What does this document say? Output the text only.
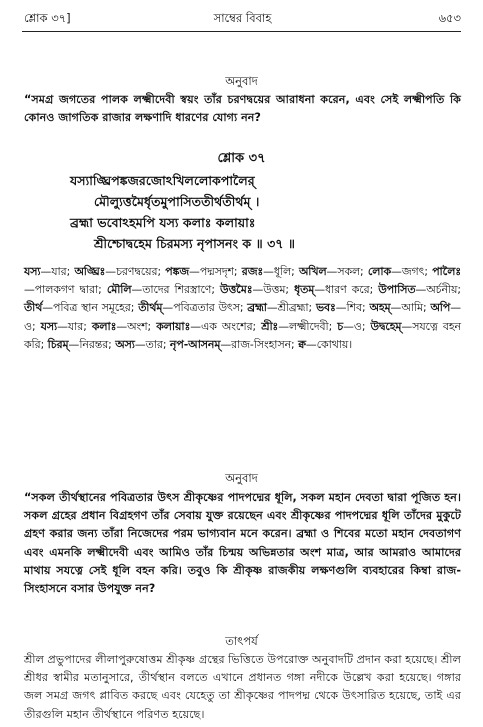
শ্লোক ৩৭]	সাম্বের বিবাহ	৬৫৩
অনুবাদ
“সমগ্র জগতের পালক লক্ষ্মীদেবী স্বয়ং তাঁর চরণদ্বয়ের আরাধনা করেন, এবং সেই লক্ষ্মীপতি কি কোনও জাগতিক রাজার লক্ষণাদি ধারণের যোগ্য নন?
শ্লোক ৩৭
যস্যাঙ্ঘ্রিপঙ্কজরজোঽখিললোকপালৈর্
মৌল্যুত্তমৈর্ধৃতমুপাসিততীর্থতীর্থম্ ।
ব্রহ্মা ভবোঽহমপি যস্য কলাঃ কলায়াঃ
শ্রীশ্চোদ্বহেম চিরমস্য নৃপাসনং ক ॥ ৩৭ ॥
যস্য—যার; অঙ্ঘ্রিঃ—চরণদ্বয়ের; পঙ্কজ—পদ্মসদৃশ; রজঃ—ধূলি; অখিল—সকল; লোক—জগৎ; পালৈঃ—পালকগণ দ্বারা; মৌলি—তাদের শিরস্ত্রাণে; উত্তমৈঃ—উত্তম; ধৃতম্—ধারণ করে; উপাসিত—অর্চনীয়; তীর্থ—পবিত্র স্থান সমূহের; তীর্থম্—পবিত্রতার উৎস; ব্রহ্মা—শ্রীব্রহ্মা; ভবঃ—শিব; অহম্—আমি; অপি—ও; যস্য—যার; কলাঃ—অংশ; কলায়াঃ—এক অংশের; শ্রীঃ—লক্ষ্মীদেবী; চ—ও; উদ্বহেম্—সযত্নে বহন করি; চিরম্—নিরন্তর; অস্য—তার; নৃপ-আসনম্—রাজ-সিংহাসন; ক্ব—কোথায়।
অনুবাদ
“সকল তীর্থস্থানের পবিত্রতার উৎস শ্রীকৃষ্ণের পাদপদ্মের ধূলি, সকল মহান দেবতা দ্বারা পূজিত হন। সকল গ্রহের প্রধান বিগ্রহগণ তাঁর সেবায় যুক্ত রয়েছেন এবং শ্রীকৃষ্ণের পাদপদ্মের ধূলি তাঁদের মুকুটে গ্রহণ করার জন্য তাঁরা নিজেদের পরম ভাগ্যবান মনে করেন। ব্রহ্মা ও শিবের মতো মহান দেবতাগণ এবং এমনকি লক্ষ্মীদেবী এবং আমিও তাঁর চিন্ময় অভিন্নতার অংশ মাত্র, আর আমরাও আমাদের মাথায় সযত্নে সেই ধূলি বহন করি। তবুও কি শ্রীকৃষ্ণ রাজকীয় লক্ষণগুলি ব্যবহারের কিম্বা রাজ-সিংহাসনে বসার উপযুক্ত নন?
তাৎপর্য
শ্রীল প্রভুপাদের লীলাপুরুষোত্তম শ্রীকৃষ্ণ গ্রন্থের ভিত্তিতে উপরোক্ত অনুবাদটি প্রদান করা হয়েছে। শ্রীল শ্রীধর স্বামীর মতানুসারে, তীর্থস্থান বলতে এখানে প্রধানত গঙ্গা নদীকে উল্লেখ করা হয়েছে। গঙ্গার জল সমগ্র জগৎ প্লাবিত করছে এবং যেহেতু তা শ্রীকৃষ্ণের পাদপদ্ম থেকে উৎসারিত হয়েছে, তাই এর তীরগুলি মহান তীর্থস্থানে পরিণত হয়েছে।
